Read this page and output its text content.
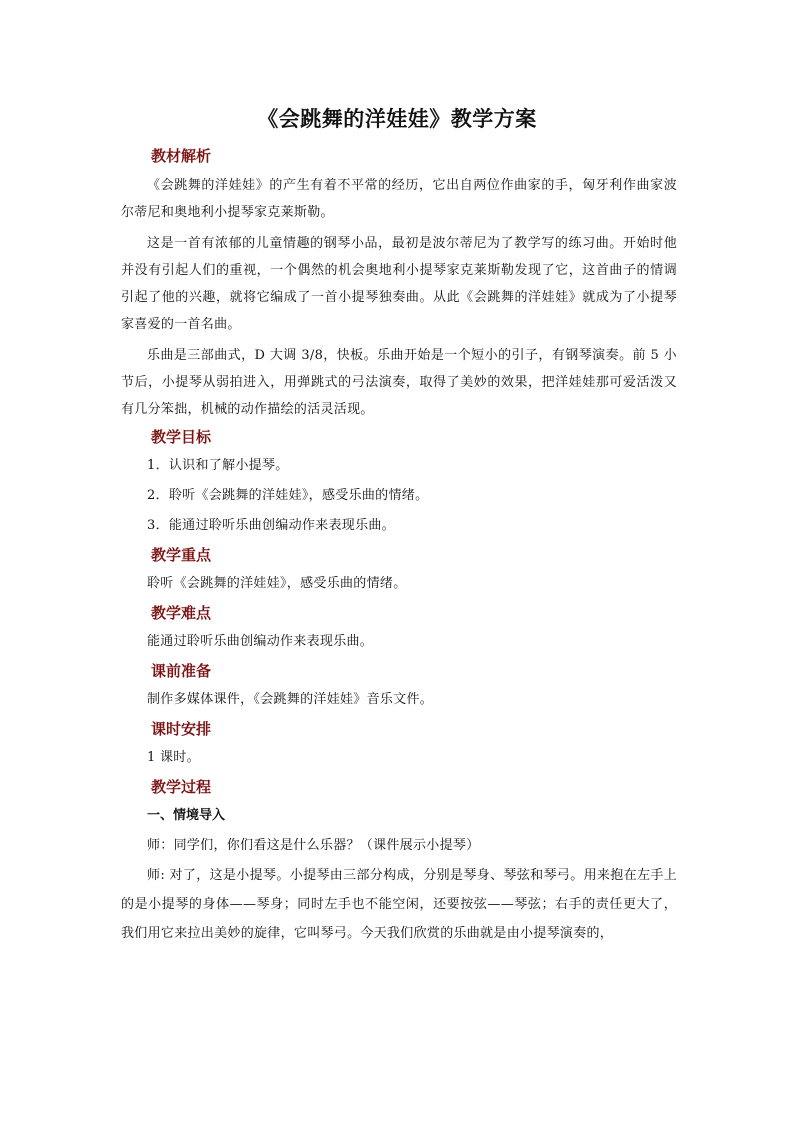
《会跳舞的洋娃娃》教学方案
教材解析

《会跳舞的洋娃娃》的产生有着不平常的经历，它出自两位作曲家的手，匈牙利作曲家波尔蒂尼和奥地利小提琴家克莱斯勒。

这是一首有浓郁的儿童情趣的钢琴小品，最初是波尔蒂尼为了教学写的练习曲。开始时他并没有引起人们的重视，一个偶然的机会奥地利小提琴家克莱斯勒发现了它，这首曲子的情调引起了他的兴趣，就将它编成了一首小提琴独奏曲。从此《会跳舞的洋娃娃》就成为了小提琴家喜爱的一首名曲。

乐曲是三部曲式，D 大调 3/8，快板。乐曲开始是一个短小的引子，有钢琴演奏。前 5 小节后，小提琴从弱拍进入，用弹跳式的弓法演奏，取得了美妙的效果，把洋娃娃那可爱活泼又有几分笨拙，机械的动作描绘的活灵活现。

教学目标

1．认识和了解小提琴。

2．聆听《会跳舞的洋娃娃》，感受乐曲的情绪。

3．能通过聆听乐曲创编动作来表现乐曲。

教学重点

聆听《会跳舞的洋娃娃》，感受乐曲的情绪。

教学难点

能通过聆听乐曲创编动作来表现乐曲。

课前准备

制作多媒体课件，《会跳舞的洋娃娃》音乐文件。

课时安排

1 课时。

教学过程

一、情境导入

师：同学们，你们看这是什么乐器？（课件展示小提琴）

师: 对了，这是小提琴。小提琴由三部分构成，分别是琴身、琴弦和琴弓。用来抱在左手上的是小提琴的身体——琴身；同时左手也不能空闲，还要按弦——琴弦；右手的责任更大了，我们用它来拉出美妙的旋律，它叫琴弓。今天我们欣赏的乐曲就是由小提琴演奏的，
